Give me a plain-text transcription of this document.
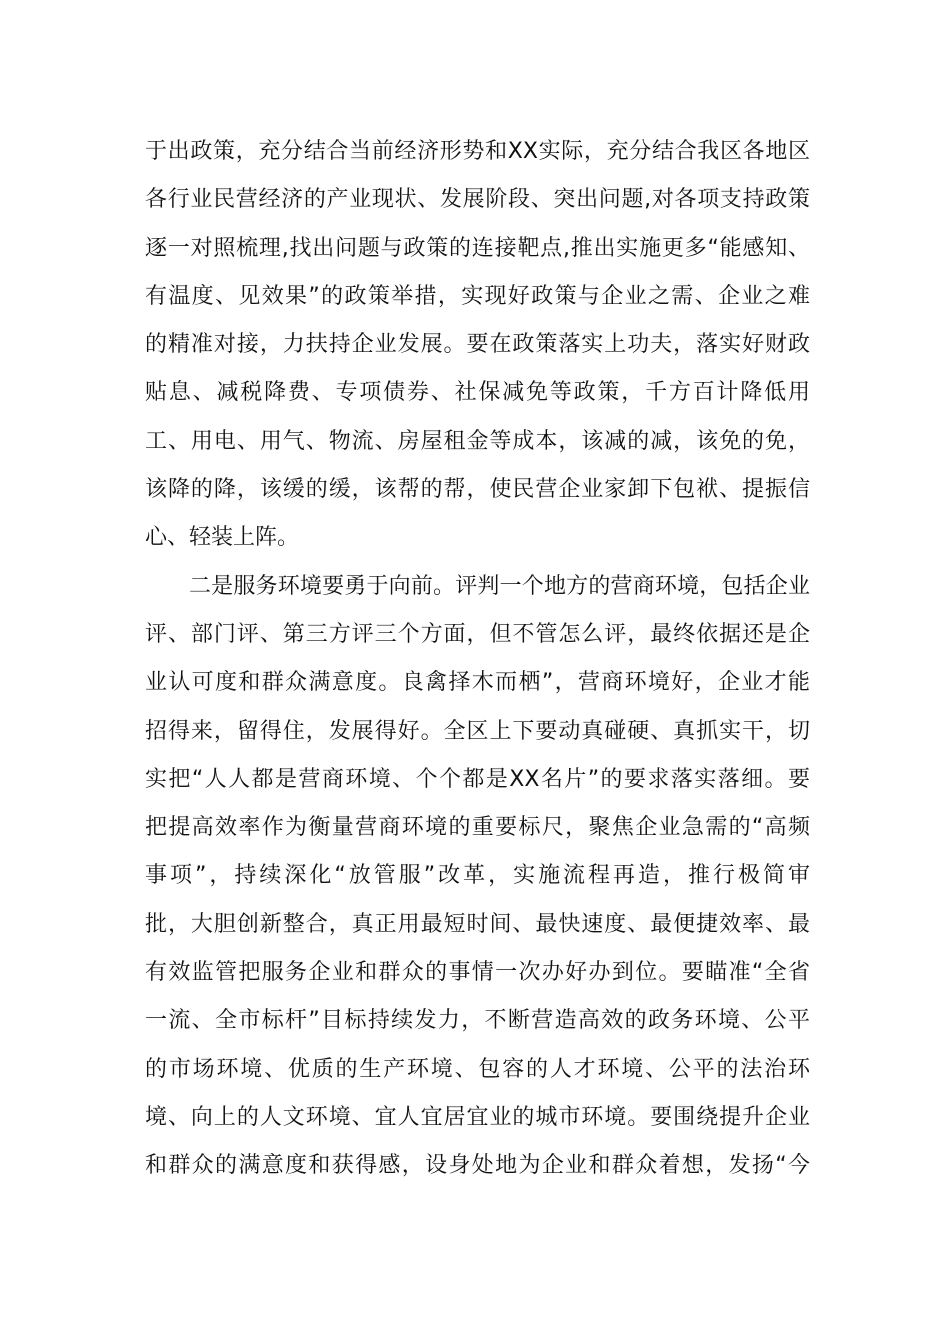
于出政策，充分结合当前经济形势和XX实际，充分结合我区各地区
各行业民营经济的产业现状、发展阶段、突出问题,对各项支持政策
逐一对照梳理,找出问题与政策的连接靶点,推出实施更多“能感知、
有温度、见效果”的政策举措，实现好政策与企业之需、企业之难
的精准对接，力扶持企业发展。要在政策落实上功夫，落实好财政
贴息、减税降费、专项债券、社保减免等政策，千方百计降低用
工、用电、用气、物流、房屋租金等成本，该减的减，该免的免，
该降的降，该缓的缓，该帮的帮，使民营企业家卸下包袱、提振信
心、轻装上阵。
二是服务环境要勇于向前。评判一个地方的营商环境，包括企业
评、部门评、第三方评三个方面，但不管怎么评，最终依据还是企
业认可度和群众满意度。良禽择木而栖”，营商环境好，企业才能
招得来，留得住，发展得好。全区上下要动真碰硬、真抓实干，切
实把“人人都是营商环境、个个都是XX名片”的要求落实落细。要
把提高效率作为衡量营商环境的重要标尺，聚焦企业急需的“高频
事项”，持续深化“放管服”改革，实施流程再造，推行极简审
批，大胆创新整合，真正用最短时间、最快速度、最便捷效率、最
有效监管把服务企业和群众的事情一次办好办到位。要瞄准“全省
一流、全市标杆”目标持续发力，不断营造高效的政务环境、公平
的市场环境、优质的生产环境、包容的人才环境、公平的法治环
境、向上的人文环境、宜人宜居宜业的城市环境。要围绕提升企业
和群众的满意度和获得感，设身处地为企业和群众着想，发扬“今
